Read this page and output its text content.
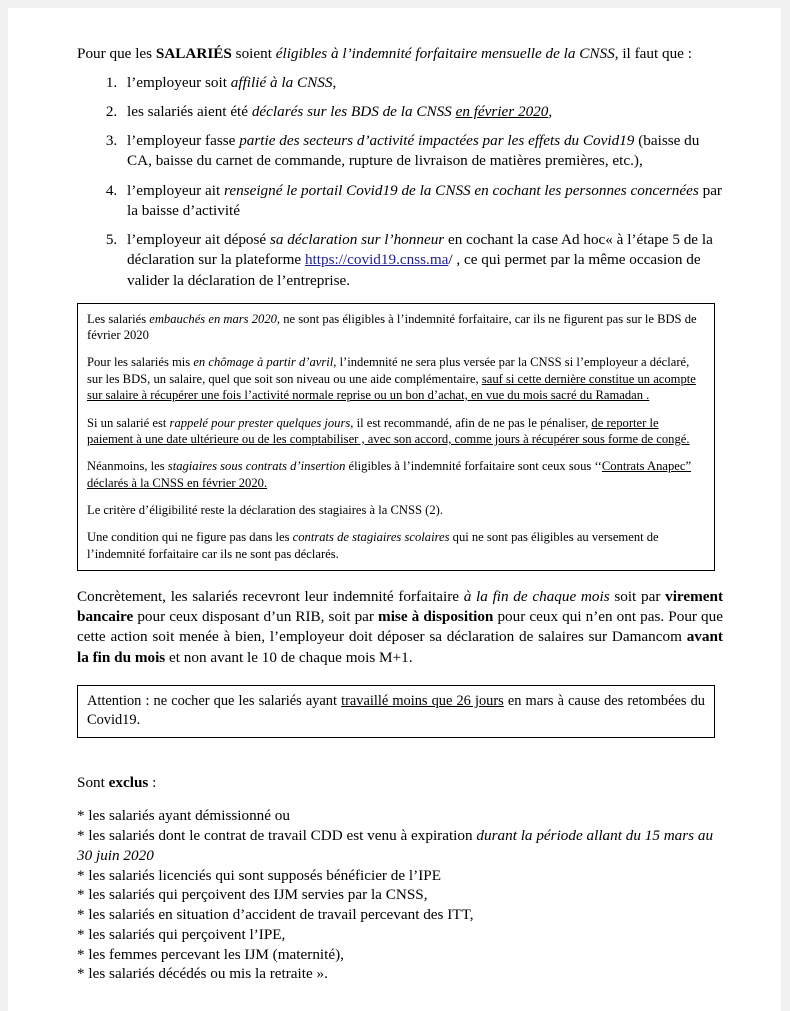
Pour que les SALARIÉS soient éligibles à l’indemnité forfaitaire mensuelle de la CNSS, il faut que :

1. l’employeur soit affilié à la CNSS,
2. les salariés aient été déclarés sur les BDS de la CNSS en février 2020,
3. l’employeur fasse partie des secteurs d’activité impactées par les effets du Covid19 (baisse du CA, baisse du carnet de commande, rupture de livraison de matières premières, etc.),
4. l’employeur ait renseigné le portail Covid19 de la CNSS en cochant les personnes concernées par la baisse d’activité
5. l’employeur ait déposé sa déclaration sur l’honneur en cochant la case Ad hoc« à l’étape 5 de la déclaration sur la plateforme https://covid19.cnss.ma/ , ce qui permet par la même occasion de valider la déclaration de l’entreprise.

Les salariés embauchés en mars 2020, ne sont pas éligibles à l’indemnité forfaitaire, car ils ne figurent pas sur le BDS de février 2020

Pour les salariés mis en chômage à partir d’avril, l’indemnité ne sera plus versée par la CNSS si l’employeur a déclaré, sur les BDS, un salaire, quel que soit son niveau ou une aide complémentaire, sauf si cette dernière constitue un acompte sur salaire à récupérer une fois l’activité normale reprise ou un bon d’achat, en vue du mois sacré du Ramadan .

Si un salarié est rappelé pour prester quelques jours, il est recommandé, afin de ne pas le pénaliser, de reporter le paiement à une date ultérieure ou de les comptabiliser , avec son accord, comme jours à récupérer sous forme de congé.

Néanmoins, les stagiaires sous contrats d’insertion éligibles à l’indemnité forfaitaire sont ceux sous ‘‘Contrats Anapec” déclarés à la CNSS en février 2020.

Le critère d’éligibilité reste la déclaration des stagiaires à la CNSS (2).

Une condition qui ne figure pas dans les contrats de stagiaires scolaires qui ne sont pas éligibles au versement de l’indemnité forfaitaire car ils ne sont pas déclarés.

Concrètement, les salariés recevront leur indemnité forfaitaire à la fin de chaque mois soit par virement bancaire pour ceux disposant d’un RIB, soit par mise à disposition pour ceux qui n’en ont pas. Pour que cette action soit menée à bien, l’employeur doit déposer sa déclaration de salaires sur Damancom avant la fin du mois et non avant le 10 de chaque mois M+1.

Attention : ne cocher que les salariés ayant travaillé moins que 26 jours en mars à cause des retombées du Covid19.

Sont exclus :

* les salariés ayant démissionné ou

* les salariés dont le contrat de travail CDD est venu à expiration durant la période allant du 15 mars au 30 juin 2020

* les salariés licenciés qui sont supposés bénéficier de l’IPE

* les salariés qui perçoivent des IJM servies par la CNSS,

* les salariés en situation d’accident de travail percevant des ITT,

* les salariés qui perçoivent l’IPE,

* les femmes percevant les IJM (maternité),

* les salariés décédés ou mis la retraite ».
